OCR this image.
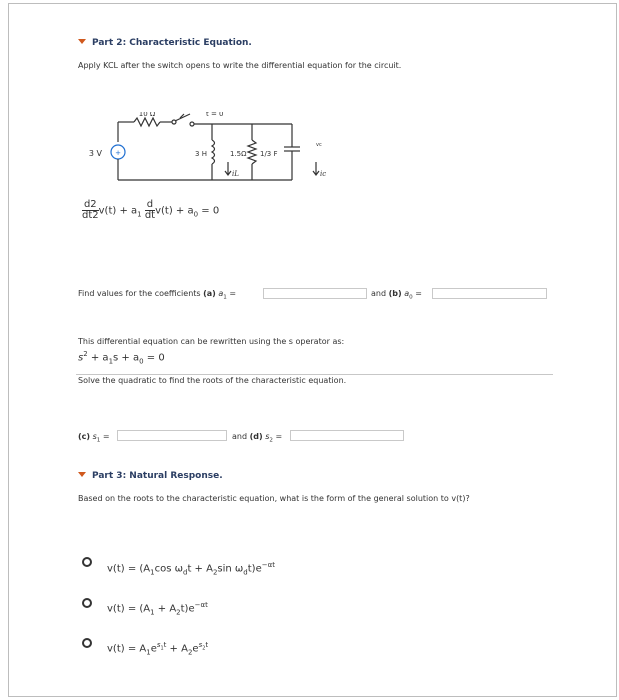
Part 2: Characteristic Equation.
Apply KCL after the switch opens to write the differential equation for the circuit.
+
3 V
10 Ω	t = 0
3 H	1.5Ω 1/3 F
vc
iL	ic
$\frac{d2}{dt2} v(t) + a_1 \frac{d}{dt} v(t) + a_0 = 0$
Find values for the coefficients (a) $a_1$ =	and (b) $a_0$ =
This differential equation can be rewritten using the s operator as:
$s^2 + a_1s + a_0 = 0$
Solve the quadratic to find the roots of the characteristic equation.
(c) $s_1$ =	and (d) $s_2$ =
Part 3: Natural Response.
Based on the roots to the characteristic equation, what is the form of the general solution to v(t)?
$v(t) = (A_1\cos$ $\omega_dt + A_2\sin$ $\omega_dt)e^{-\alpha t}$
$v(t) = (A_1 + A_2t)e^{-\alpha t}$
$v(t) = A_1e^{s_1t} + A_2e^{s_2t}$
